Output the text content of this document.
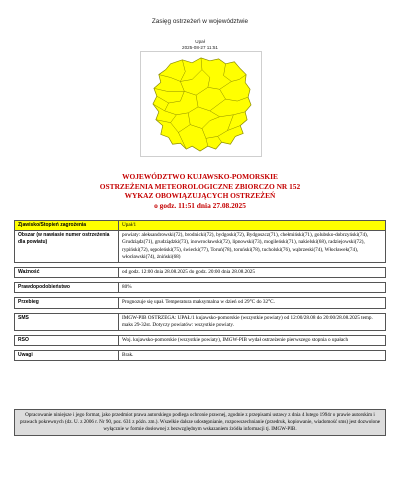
Zasięg ostrzeżeń w województwie
Upał
2025-08-27 11:51
WOJEWÓDZTWO KUJAWSKO-POMORSKIE
OSTRZEŻENIA METEOROLOGICZNE ZBIORCZO NR 152
WYKAZ OBOWIĄZUJĄCYCH OSTRZEŻEŃ
o godz. 11:51 dnia 27.08.2025
Zjawisko/Stopień zagrożenia	Upał/1
Obszar (w nawiasie numer ostrzeżenia dla powiatu)	powiaty: aleksandrowski(72), brodnicki(72), bydgoski(72), Bydgoszcz(71), chełmiński(71), golubsko-dobrzyński(74), Grudziądz(71), grudziądzki(73), inowrocławski(72), lipnowski(73), mogileński(71), nakielski(68), radziejowski(72), rypiński(72), sępoleński(75), świecki(77), Toruń(78), toruński(78), tucholski(76), wąbrzeski(74), Włocławek(74), włocławski(74), żniński(68)

Ważność	od godz. 12:00 dnia 28.08.2025 do godz. 20:00 dnia 28.08.2025

Prawdopodobieństwo	80%

Przebieg	Prognozuje się upał. Temperatura maksymalna w dzień od 29°C do 32°C.

SMS	IMGW-PIB OSTRZEGA: UPAŁ/1 kujawsko-pomorskie (wszystkie powiaty) od 12:00/28.08 do 20:00/28.08.2025 temp. maks 29-32st. Dotyczy powiatów: wszystkie powiaty.

RSO	Woj. kujawsko-pomorskie (wszystkie powiaty), IMGW-PIB wydał ostrzeżenie pierwszego stopnia o upałach

Uwagi	Brak.
Opracowanie niniejsze i jego format, jako przedmiot prawa autorskiego podlega ochronie prawnej, zgodnie z przepisami ustawy z dnia 4 lutego 1994r o prawie autorskim i prawach pokrewnych (dz. U. z 2006 r. Nr 90, poz. 631 z późn. zm.). Wszelkie dalsze udostępnianie, rozpowszechnianie (przedruk, kopiowanie, wiadomość sms) jest dozwolone wyłącznie w formie dosłownej z bezwzględnym wskazaniem źródła informacji tj. IMGW-PIB.
